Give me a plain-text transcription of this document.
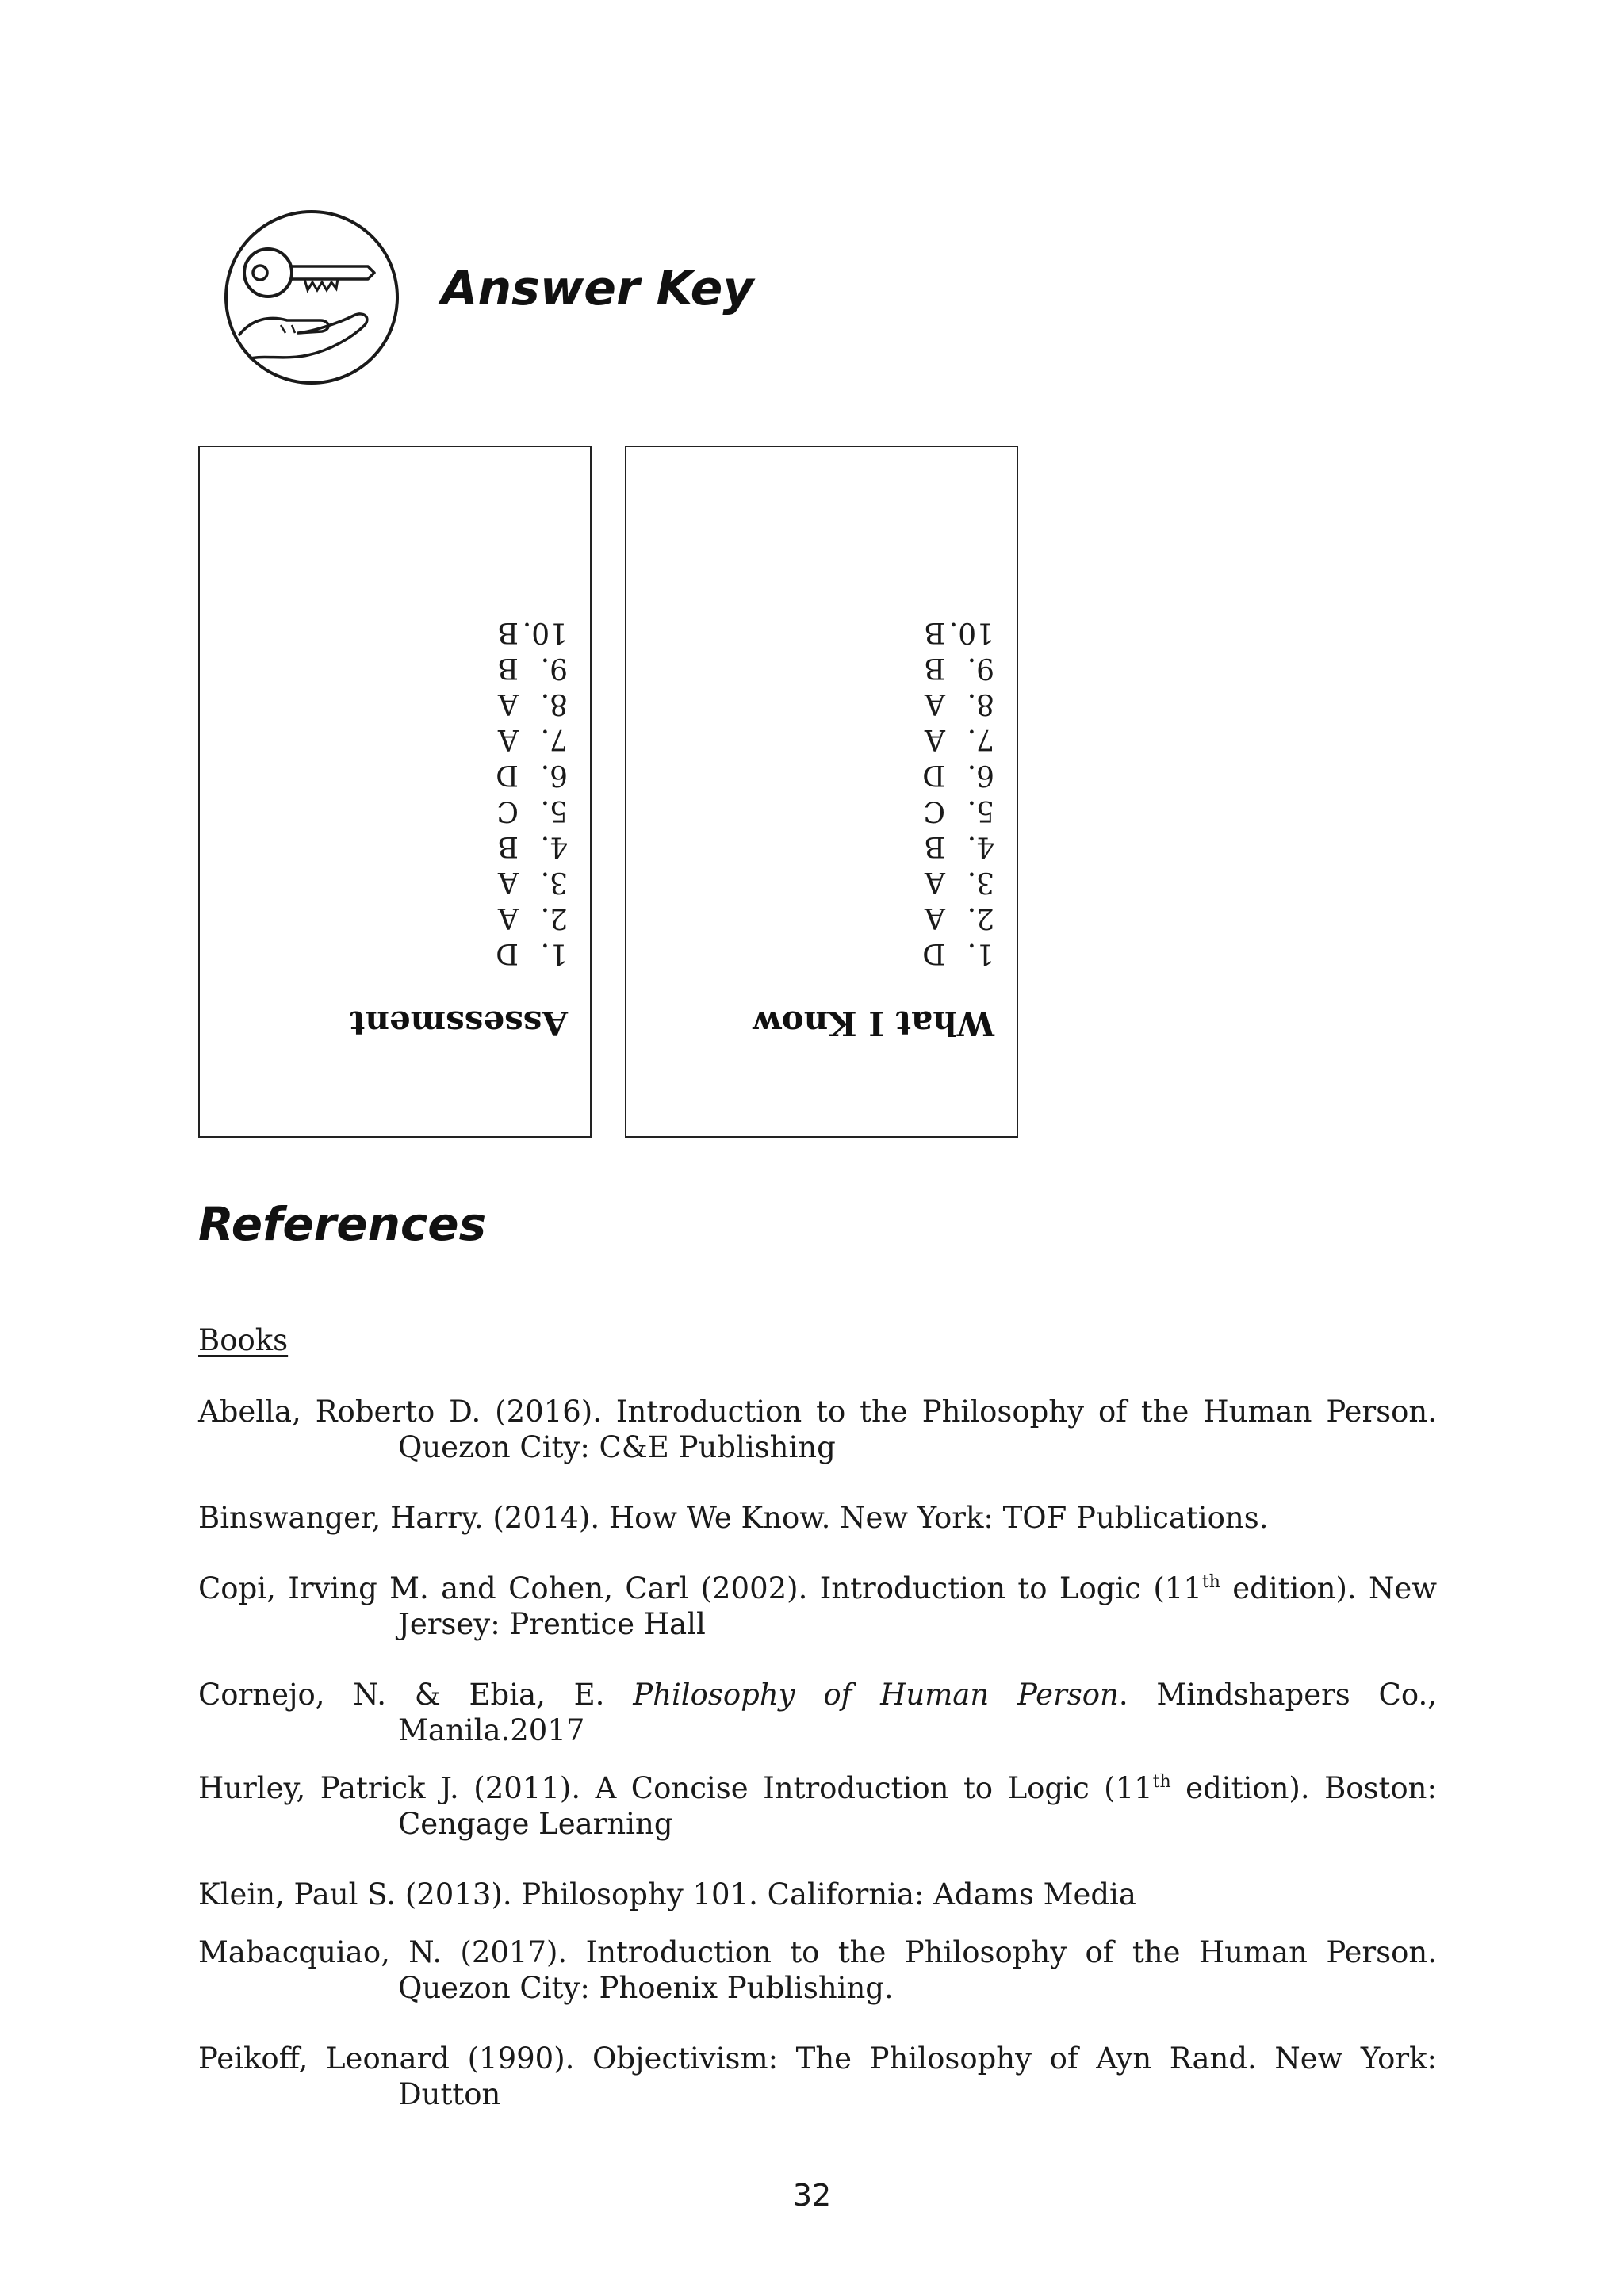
Answer Key
Assessment
1.D
2.A
3.A
4.B
5.C
6.D
7.A
8.A
9.B
10.B
What I Know
1.D
2.A
3.A
4.B
5.C
6.D
7.A
8.A
9.B
10.B
References
Books
Abella, Roberto D. (2016). Introduction to the Philosophy of the Human Person. Quezon City: C&E Publishing
Binswanger, Harry. (2014). How We Know. New York: TOF Publications.
Copi, Irving M. and Cohen, Carl (2002). Introduction to Logic (11th edition). New Jersey: Prentice Hall
Cornejo, N. & Ebia, E. Philosophy of Human Person. Mindshapers Co., Manila.2017
Hurley, Patrick J. (2011). A Concise Introduction to Logic (11th edition). Boston: Cengage Learning
Klein, Paul S. (2013). Philosophy 101. California: Adams Media
Mabacquiao, N. (2017). Introduction to the Philosophy of the Human Person. Quezon City: Phoenix Publishing.
Peikoff, Leonard (1990). Objectivism: The Philosophy of Ayn Rand. New York: Dutton
32
